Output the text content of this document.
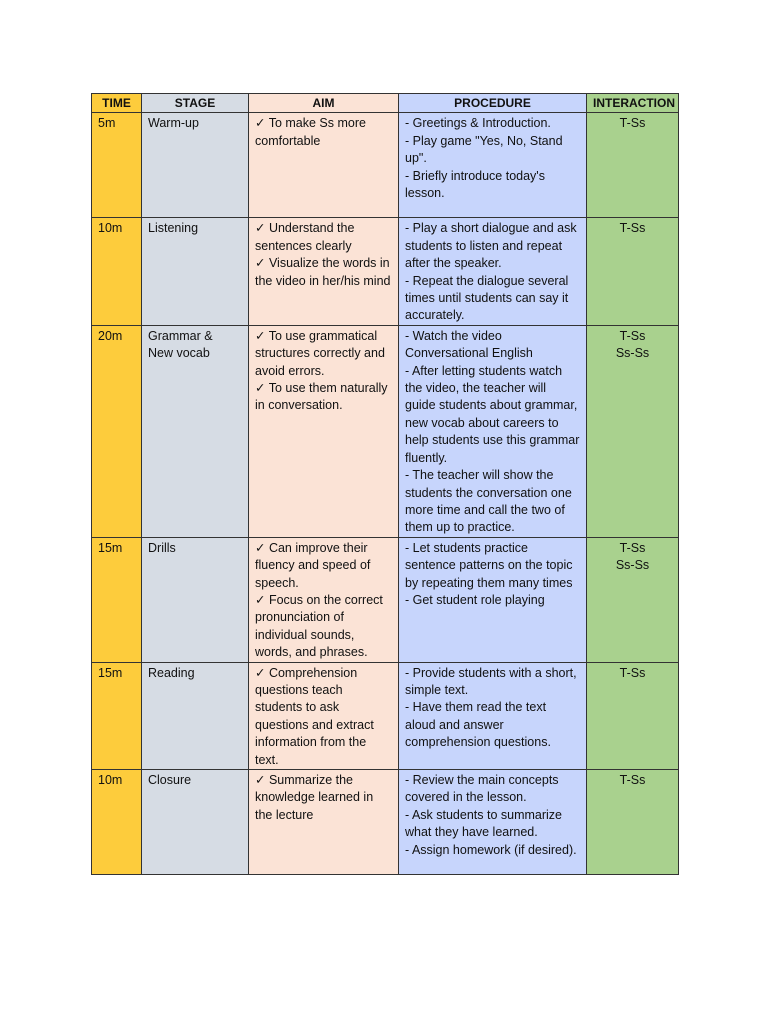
TIME	STAGE	AIM	PROCEDURE	INTERACTION
5m	Warm-up	✓ To make Ss more comfortable	- Greetings & Introduction.
- Play game "Yes, No, Stand up".
- Briefly introduce today's lesson.	T-Ss
10m	Listening	✓ Understand the sentences clearly
✓ Visualize the words in the video in her/his mind	- Play a short dialogue and ask students to listen and repeat after the speaker.
- Repeat the dialogue several times until students can say it accurately.	T-Ss
20m	Grammar &
New vocab	✓ To use grammatical structures correctly and avoid errors.
✓ To use them naturally in conversation.	- Watch the video Conversational English
- After letting students watch the video, the teacher will guide students about grammar, new vocab about careers to help students use this grammar fluently.
- The teacher will show the students the conversation one more time and call the two of them up to practice.	T-Ss
Ss-Ss
15m	Drills	✓ Can improve their fluency and speed of speech.
✓ Focus on the correct pronunciation of individual sounds, words, and phrases.	- Let students practice sentence patterns on the topic by repeating them many times
- Get student role playing	T-Ss
Ss-Ss
15m	Reading	✓ Comprehension questions teach students to ask questions and extract information from the text.	- Provide students with a short, simple text.
- Have them read the text aloud and answer comprehension questions.	T-Ss
10m	Closure	✓ Summarize the knowledge learned in the lecture	- Review the main concepts covered in the lesson.
- Ask students to summarize what they have learned.
- Assign homework (if desired).	T-Ss
